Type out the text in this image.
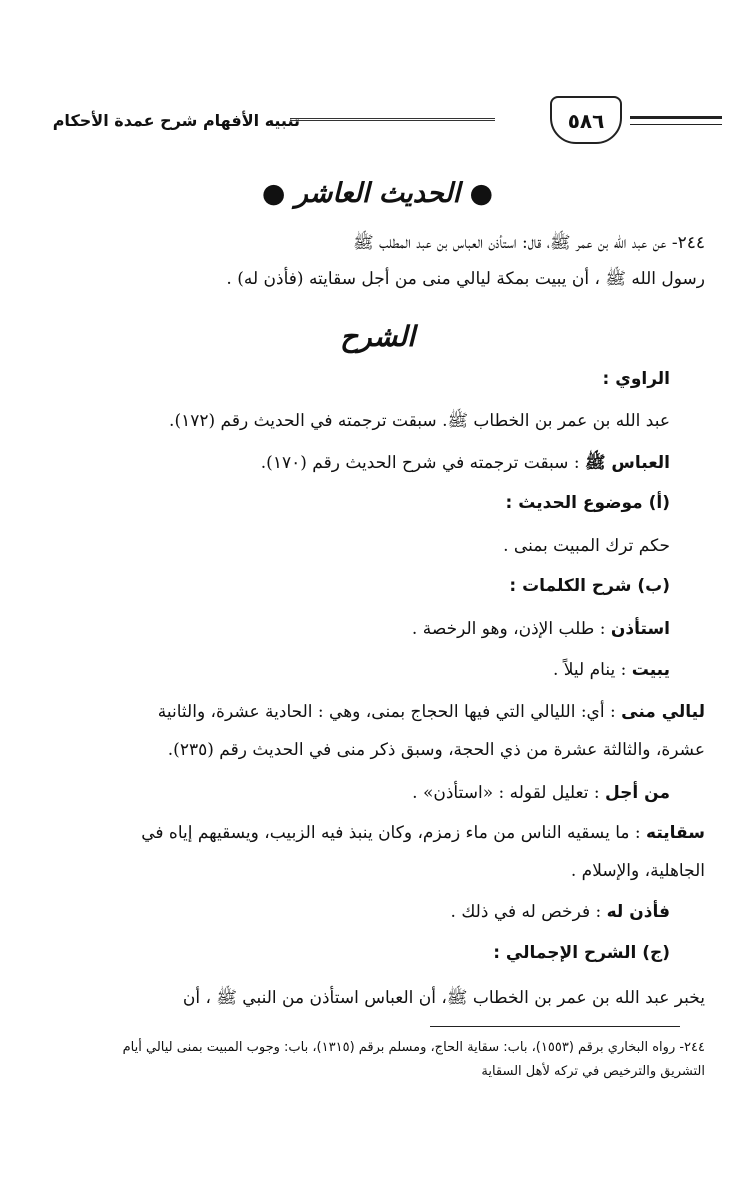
تنبيه الأفهام شرح عمدة الأحكام	٥٨٦
● الحديث العاشر ●
٢٤٤- عن عبد الله بن عمر ﷺ، قال: استأذن العباس بن عبد المطلب ﷺ
رسول الله ﷺ ، أن يبيت بمكة ليالي منى من أجل سقايته (فأذن له) .
الشرح
الراوي :
عبد الله بن عمر بن الخطاب ﷺ. سبقت ترجمته في الحديث رقم (١٧٢).
العباس ﷺ : سبقت ترجمته في شرح الحديث رقم (١٧٠).
(أ) موضوع الحديث :
حكم ترك المبيت بمنى .
(ب) شرح الكلمات :
استأذن : طلب الإذن، وهو الرخصة .
يبيت : ينام ليلاً .
ليالي منى : أي: الليالي التي فيها الحجاج بمنى، وهي : الحادية عشرة، والثانية
عشرة، والثالثة عشرة من ذي الحجة، وسبق ذكر منى في الحديث رقم (٢٣٥).
من أجل : تعليل لقوله : «استأذن» .
سقايته : ما يسقيه الناس من ماء زمزم، وكان ينبذ فيه الزبيب، ويسقيهم إياه في
الجاهلية، والإسلام .
فأذن له : فرخص له في ذلك .
(ج) الشرح الإجمالي :
يخبر عبد الله بن عمر بن الخطاب ﷺ، أن العباس استأذن من النبي ﷺ ، أن
٢٤٤- رواه البخاري برقم (١٥٥٣)، باب: سقاية الحاج، ومسلم برقم (١٣١٥)، باب: وجوب المبيت بمنى ليالي أيام
التشريق والترخيص في تركه لأهل السقاية
